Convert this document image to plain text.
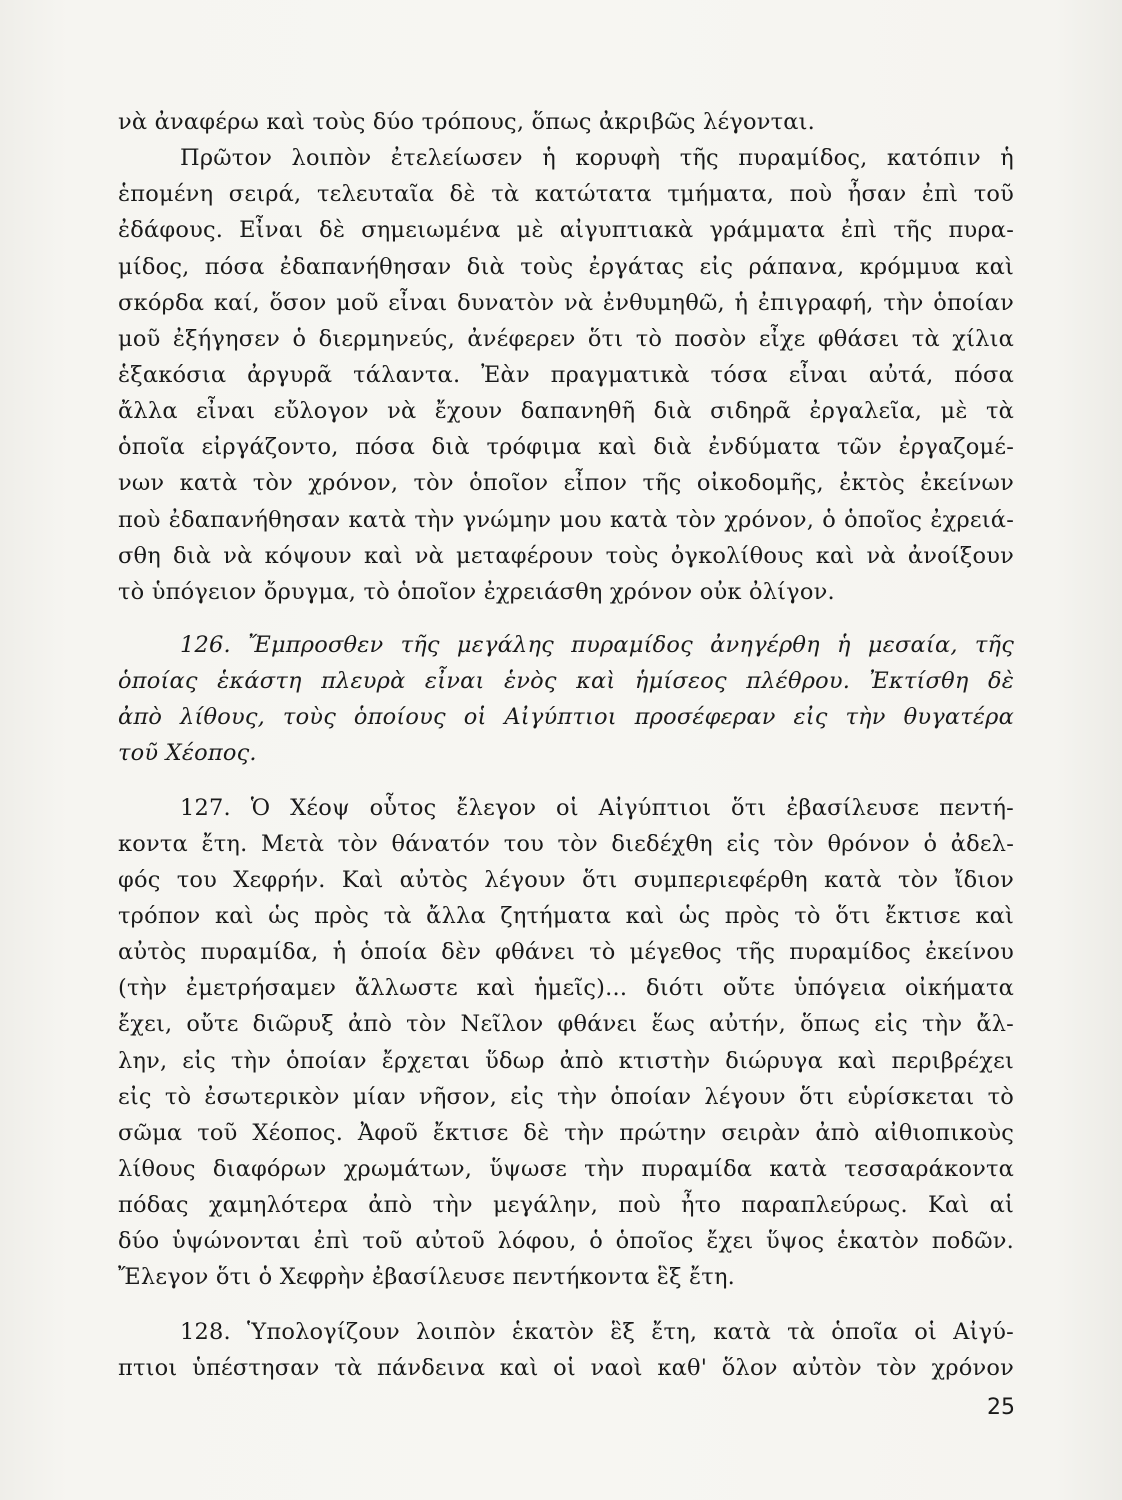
νὰ ἀναφέρω καὶ τοὺς δύο τρόπους, ὅπως ἀκριβῶς λέγονται.
Πρῶτον λοιπὸν ἐτελείωσεν ἡ κορυφὴ τῆς πυραμίδος, κατόπιν ἡ
ἑπομένη σειρά, τελευταῖα δὲ τὰ κατώτατα τμήματα, ποὺ ἦσαν ἐπὶ τοῦ
ἐδάφους. Εἶναι δὲ σημειωμένα μὲ αἰγυπτιακὰ γράμματα ἐπὶ τῆς πυρα-
μίδος, πόσα ἐδαπανήθησαν διὰ τοὺς ἐργάτας εἰς ράπανα, κρόμμυα καὶ
σκόρδα καί, ὅσον μοῦ εἶναι δυνατὸν νὰ ἐνθυμηθῶ, ἡ ἐπιγραφή, τὴν ὁποίαν
μοῦ ἐξήγησεν ὁ διερμηνεύς, ἀνέφερεν ὅτι τὸ ποσὸν εἶχε φθάσει τὰ χίλια
ἑξακόσια ἀργυρᾶ τάλαντα. Ἐὰν πραγματικὰ τόσα εἶναι αὐτά, πόσα
ἄλλα εἶναι εὔλογον νὰ ἔχουν δαπανηθῆ διὰ σιδηρᾶ ἐργαλεῖα, μὲ τὰ
ὁποῖα εἰργάζοντο, πόσα διὰ τρόφιμα καὶ διὰ ἐνδύματα τῶν ἐργαζομέ-
νων κατὰ τὸν χρόνον, τὸν ὁποῖον εἶπον τῆς οἰκοδομῆς, ἐκτὸς ἐκείνων
ποὺ ἐδαπανήθησαν κατὰ τὴν γνώμην μου κατὰ τὸν χρόνον, ὁ ὁποῖος ἐχρειά-
σθη διὰ νὰ κόψουν καὶ νὰ μεταφέρουν τοὺς ὀγκολίθους καὶ νὰ ἀνοίξουν
τὸ ὑπόγειον ὄρυγμα, τὸ ὁποῖον ἐχρειάσθη χρόνον οὐκ ὀλίγον.
126. Ἔμπροσθεν τῆς μεγάλης πυραμίδος ἀνηγέρθη ἡ μεσαία, τῆς
ὁποίας ἑκάστη πλευρὰ εἶναι ἑνὸς καὶ ἡμίσεος πλέθρου. Ἐκτίσθη δὲ
ἀπὸ λίθους, τοὺς ὁποίους οἱ Αἰγύπτιοι προσέφεραν εἰς τὴν θυγατέρα
τοῦ Χέοπος.
127. Ὁ Χέοψ οὗτος ἔλεγον οἱ Αἰγύπτιοι ὅτι ἐβασίλευσε πεντή-
κοντα ἔτη. Μετὰ τὸν θάνατόν του τὸν διεδέχθη εἰς τὸν θρόνον ὁ ἀδελ-
φός του Χεφρήν. Καὶ αὐτὸς λέγουν ὅτι συμπεριεφέρθη κατὰ τὸν ἴδιον
τρόπον καὶ ὡς πρὸς τὰ ἄλλα ζητήματα καὶ ὡς πρὸς τὸ ὅτι ἔκτισε καὶ
αὐτὸς πυραμίδα, ἡ ὁποία δὲν φθάνει τὸ μέγεθος τῆς πυραμίδος ἐκείνου
(τὴν ἐμετρήσαμεν ἄλλωστε καὶ ἡμεῖς)... διότι οὔτε ὑπόγεια οἰκήματα
ἔχει, οὔτε διῶρυξ ἀπὸ τὸν Νεῖλον φθάνει ἕως αὐτήν, ὅπως εἰς τὴν ἄλ-
λην, εἰς τὴν ὁποίαν ἔρχεται ὕδωρ ἀπὸ κτιστὴν διώρυγα καὶ περιβρέχει
εἰς τὸ ἐσωτερικὸν μίαν νῆσον, εἰς τὴν ὁποίαν λέγουν ὅτι εὑρίσκεται τὸ
σῶμα τοῦ Χέοπος. Ἀφοῦ ἔκτισε δὲ τὴν πρώτην σειρὰν ἀπὸ αἰθιοπικοὺς
λίθους διαφόρων χρωμάτων, ὕψωσε τὴν πυραμίδα κατὰ τεσσαράκοντα
πόδας χαμηλότερα ἀπὸ τὴν μεγάλην, ποὺ ἦτο παραπλεύρως. Καὶ αἱ
δύο ὑψώνονται ἐπὶ τοῦ αὐτοῦ λόφου, ὁ ὁποῖος ἔχει ὕψος ἑκατὸν ποδῶν.
Ἔλεγον ὅτι ὁ Χεφρὴν ἐβασίλευσε πεντήκοντα ἓξ ἔτη.
128. Ὑπολογίζουν λοιπὸν ἑκατὸν ἓξ ἔτη, κατὰ τὰ ὁποῖα οἱ Αἰγύ-
πτιοι ὑπέστησαν τὰ πάνδεινα καὶ οἱ ναοὶ καθ' ὅλον αὐτὸν τὸν χρόνον
25
